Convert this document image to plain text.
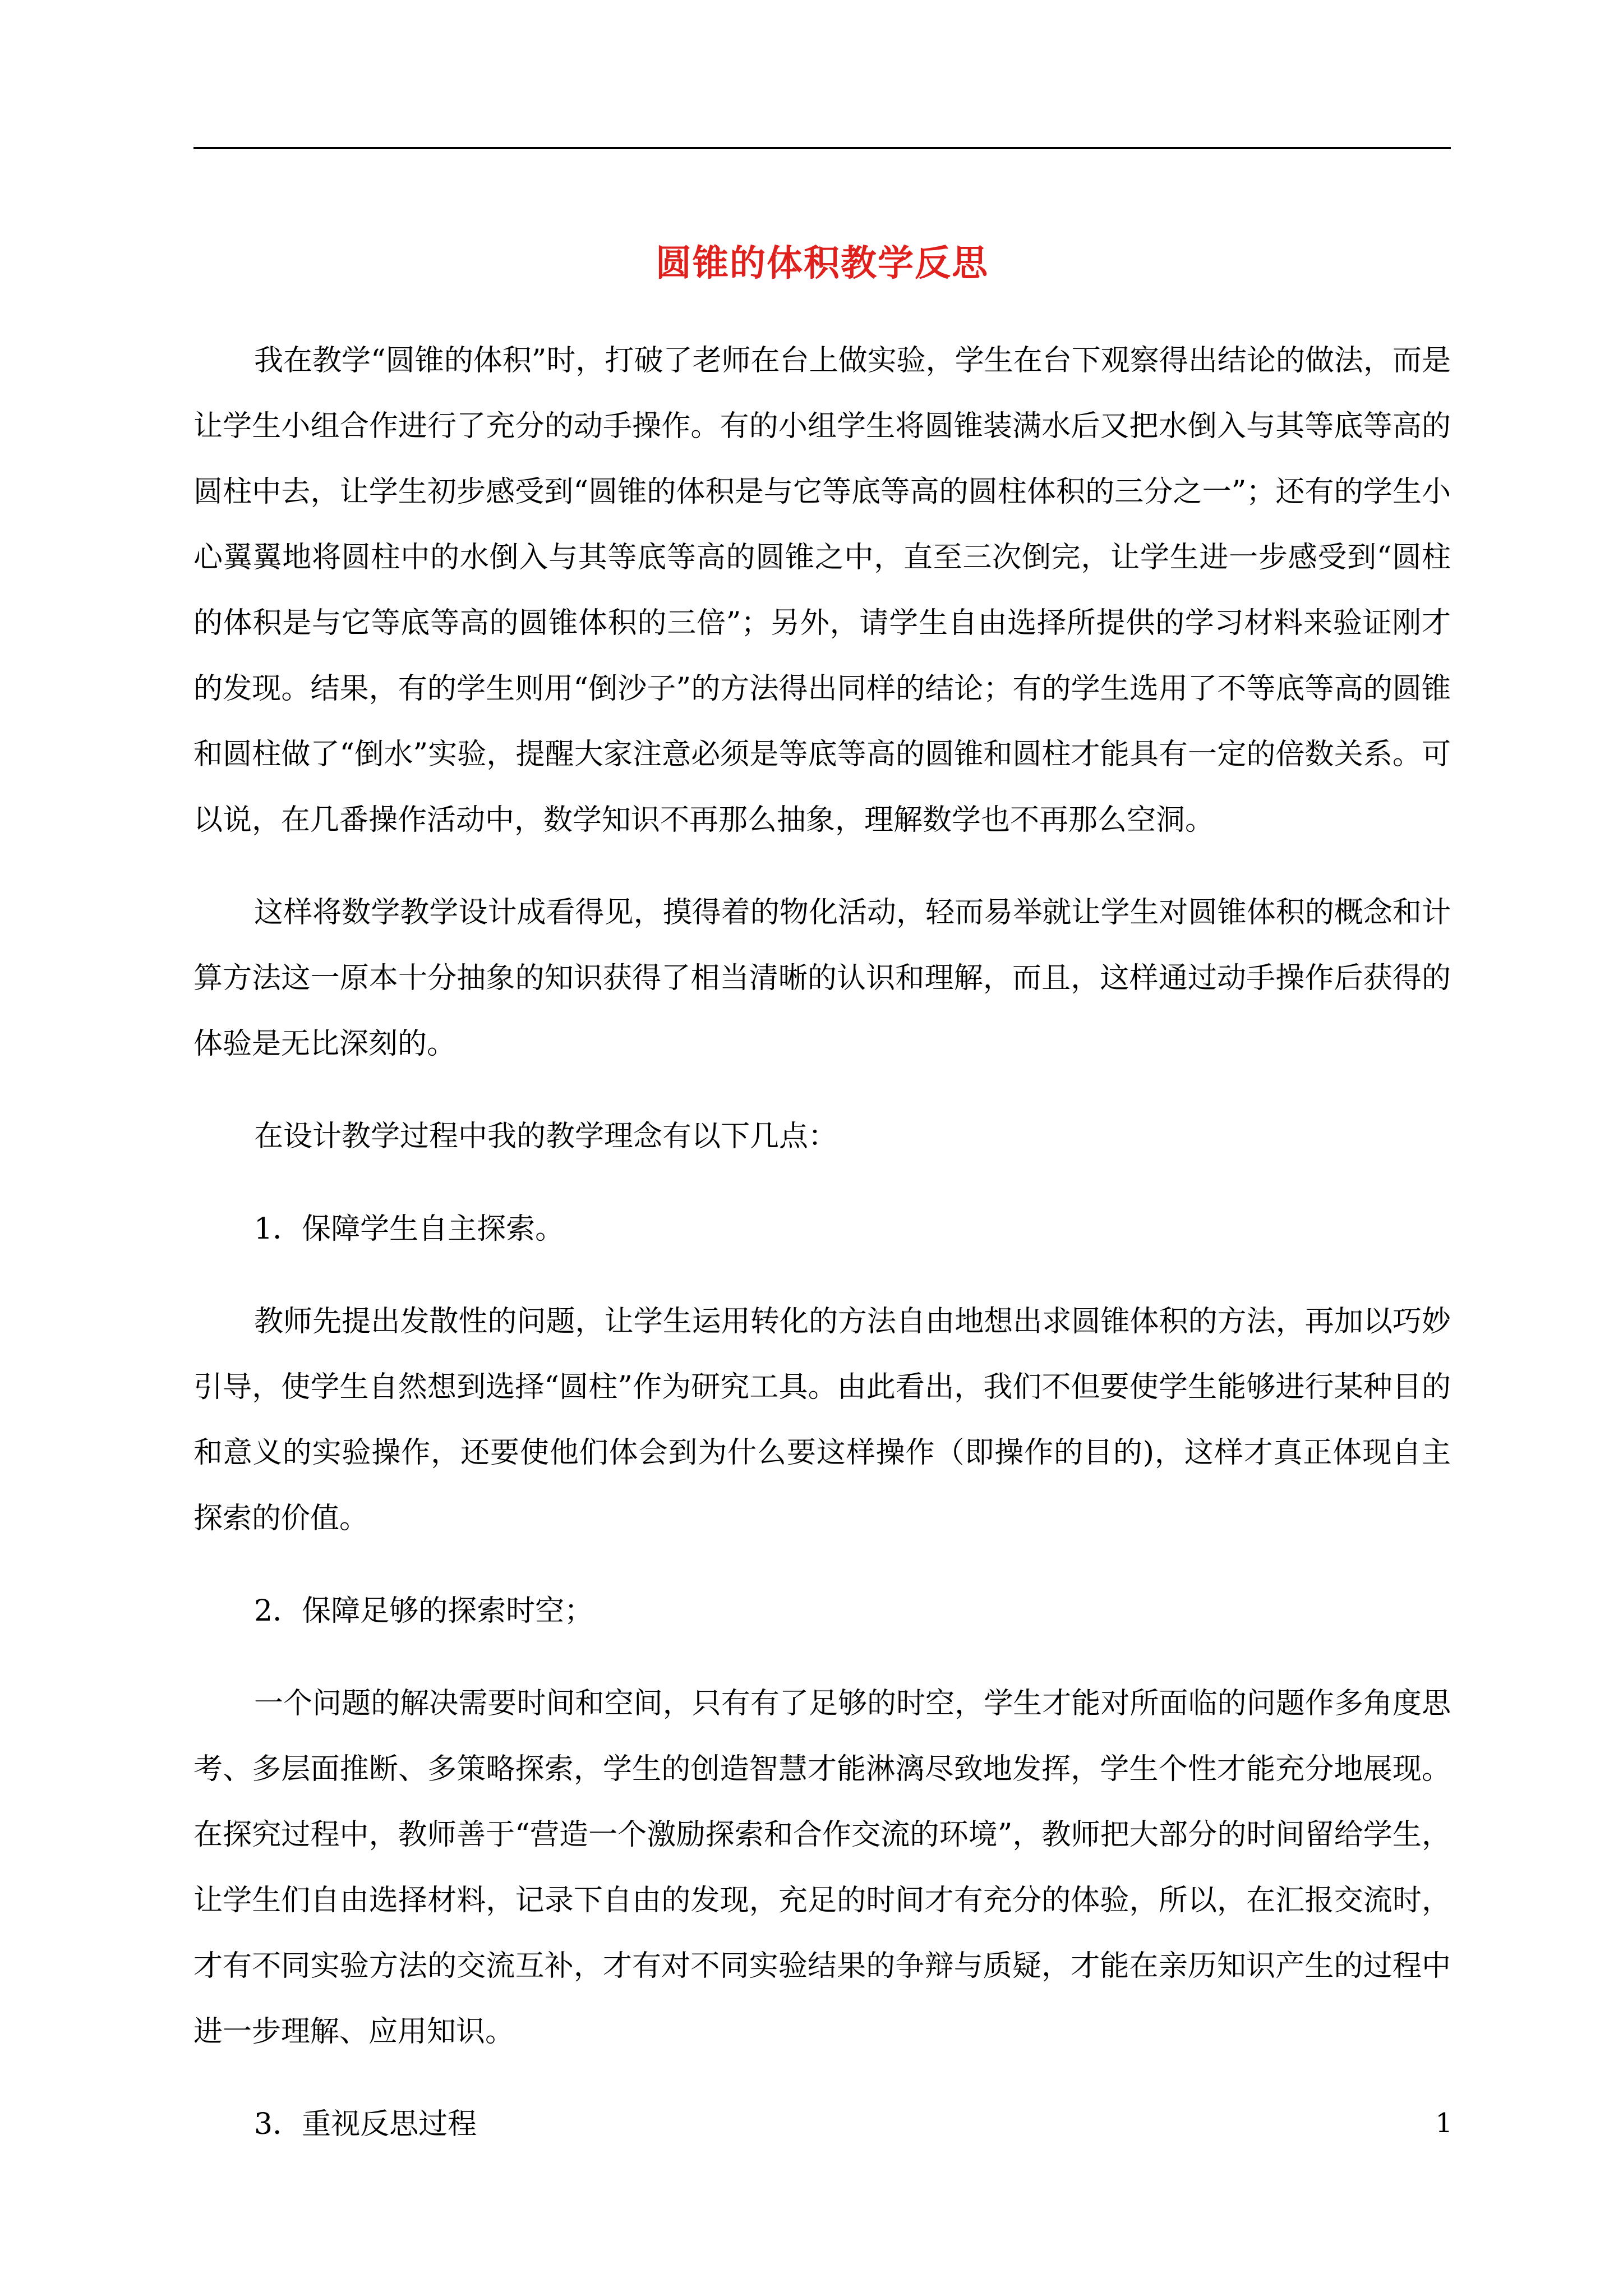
圆锥的体积教学反思

我在教学“圆锥的体积”时，打破了老师在台上做实验，学生在台下观察得出结论的做法，而是让学生小组合作进行了充分的动手操作。有的小组学生将圆锥装满水后又把水倒入与其等底等高的圆柱中去，让学生初步感受到“圆锥的体积是与它等底等高的圆柱体积的三分之一”；还有的学生小心翼翼地将圆柱中的水倒入与其等底等高的圆锥之中，直至三次倒完，让学生进一步感受到“圆柱的体积是与它等底等高的圆锥体积的三倍”；另外，请学生自由选择所提供的学习材料来验证刚才的发现。结果，有的学生则用“倒沙子”的方法得出同样的结论；有的学生选用了不等底等高的圆锥和圆柱做了“倒水”实验，提醒大家注意必须是等底等高的圆锥和圆柱才能具有一定的倍数关系。可以说，在几番操作活动中，数学知识不再那么抽象，理解数学也不再那么空洞。

这样将数学教学设计成看得见，摸得着的物化活动，轻而易举就让学生对圆锥体积的概念和计算方法这一原本十分抽象的知识获得了相当清晰的认识和理解，而且，这样通过动手操作后获得的体验是无比深刻的。

在设计教学过程中我的教学理念有以下几点：

1．保障学生自主探索。

教师先提出发散性的问题，让学生运用转化的方法自由地想出求圆锥体积的方法，再加以巧妙引导，使学生自然想到选择“圆柱”作为研究工具。由此看出，我们不但要使学生能够进行某种目的和意义的实验操作，还要使他们体会到为什么要这样操作（即操作的目的)，这样才真正体现自主探索的价值。

2．保障足够的探索时空；

一个问题的解决需要时间和空间，只有有了足够的时空，学生才能对所面临的问题作多角度思考、多层面推断、多策略探索，学生的创造智慧才能淋漓尽致地发挥，学生个性才能充分地展现。在探究过程中，教师善于“营造一个激励探索和合作交流的环境”，教师把大部分的时间留给学生，让学生们自由选择材料，记录下自由的发现，充足的时间才有充分的体验，所以，在汇报交流时，才有不同实验方法的交流互补，才有对不同实验结果的争辩与质疑，才能在亲历知识产生的过程中进一步理解、应用知识。

3．重视反思过程	1
